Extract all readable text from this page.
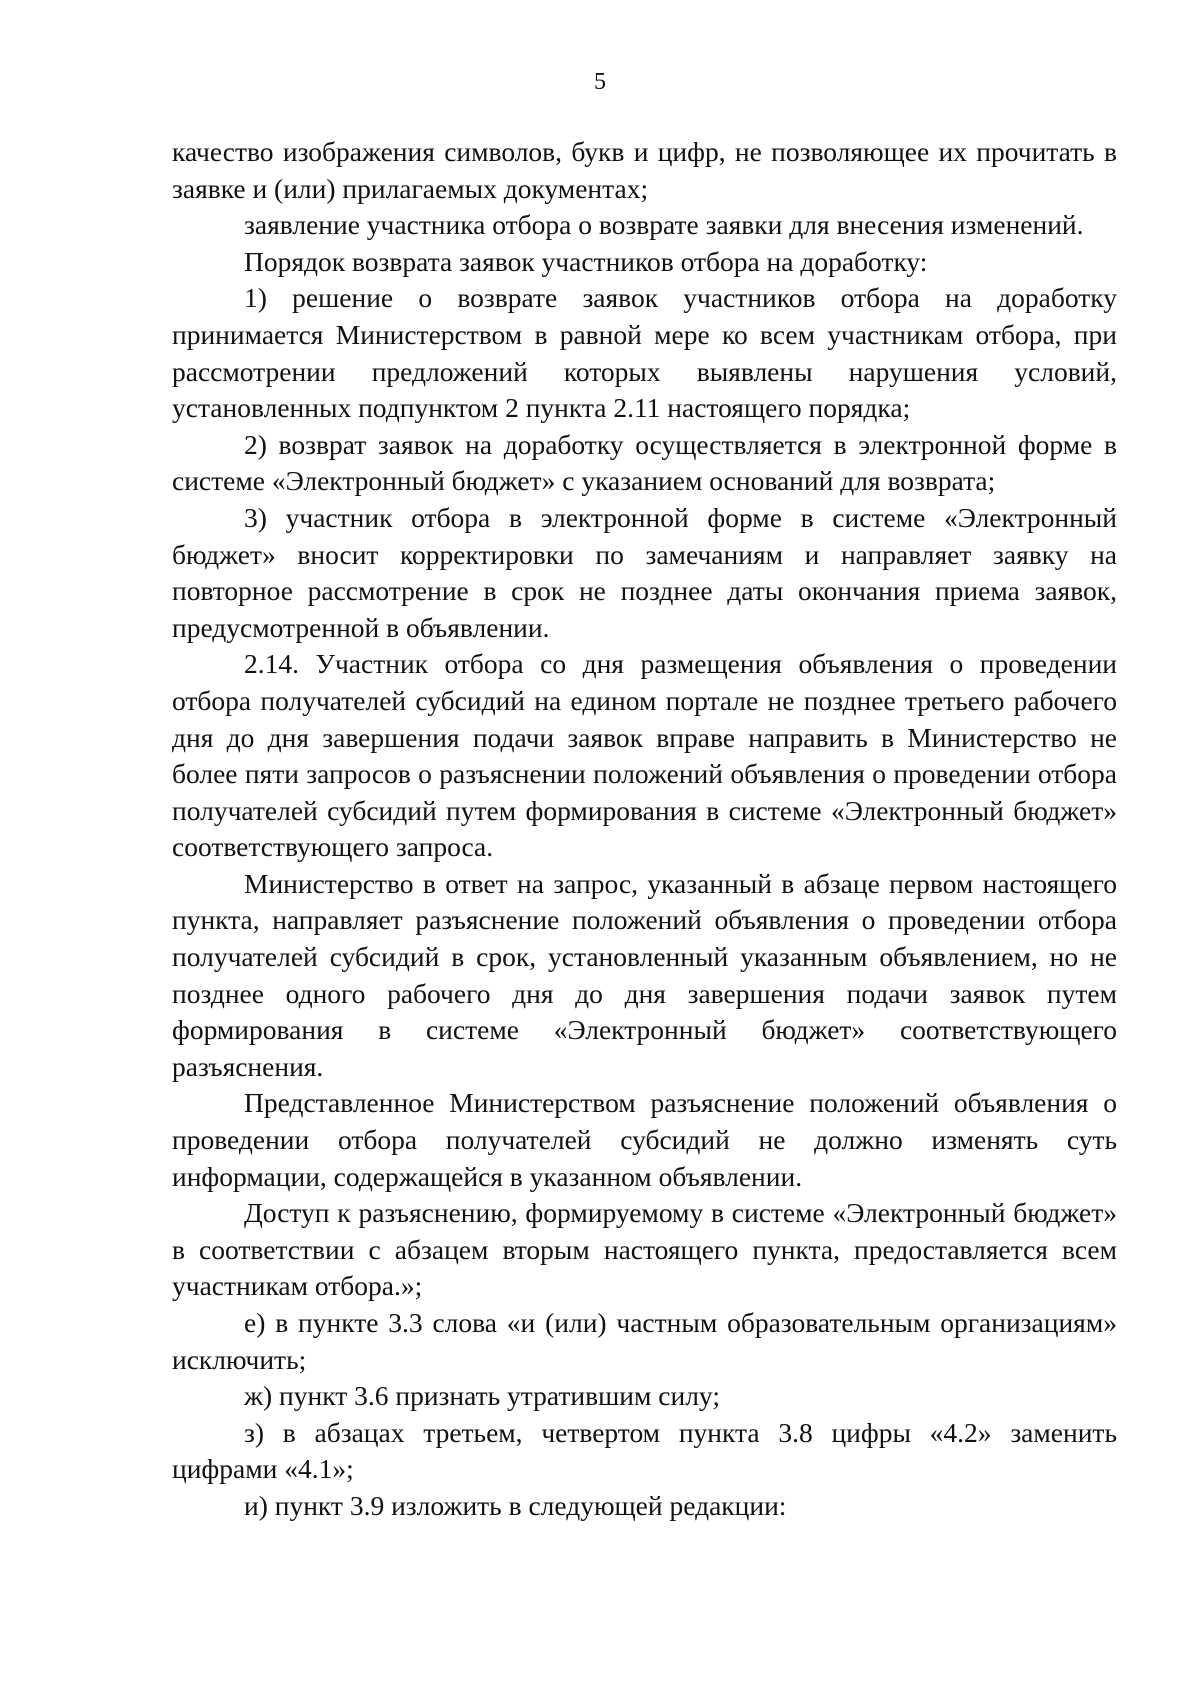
5

качество изображения символов, букв и цифр, не позволяющее их прочитать в заявке и (или) прилагаемых документах;

заявление участника отбора о возврате заявки для внесения изменений.

Порядок возврата заявок участников отбора на доработку:

1) решение о возврате заявок участников отбора на доработку принимается Министерством в равной мере ко всем участникам отбора, при рассмотрении предложений которых выявлены нарушения условий, установленных подпунктом 2 пункта 2.11 настоящего порядка;

2) возврат заявок на доработку осуществляется в электронной форме в системе «Электронный бюджет» с указанием оснований для возврата;

3) участник отбора в электронной форме в системе «Электронный бюджет» вносит корректировки по замечаниям и направляет заявку на повторное рассмотрение в срок не позднее даты окончания приема заявок, предусмотренной в объявлении.

2.14. Участник отбора со дня размещения объявления о проведении отбора получателей субсидий на едином портале не позднее третьего рабочего дня до дня завершения подачи заявок вправе направить в Министерство не более пяти запросов о разъяснении положений объявления о проведении отбора получателей субсидий путем формирования в системе «Электронный бюджет» соответствующего запроса.

Министерство в ответ на запрос, указанный в абзаце первом настоящего пункта, направляет разъяснение положений объявления о проведении отбора получателей субсидий в срок, установленный указанным объявлением, но не позднее одного рабочего дня до дня завершения подачи заявок путем формирования в системе «Электронный бюджет» соответствующего разъяснения.

Представленное Министерством разъяснение положений объявления о проведении отбора получателей субсидий не должно изменять суть информации, содержащейся в указанном объявлении.

Доступ к разъяснению, формируемому в системе «Электронный бюджет» в соответствии с абзацем вторым настоящего пункта, предоставляется всем участникам отбора.»;

е) в пункте 3.3 слова «и (или) частным образовательным организациям» исключить;

ж) пункт 3.6 признать утратившим силу;

з) в абзацах третьем, четвертом пункта 3.8 цифры «4.2» заменить цифрами «4.1»;

и) пункт 3.9 изложить в следующей редакции:
